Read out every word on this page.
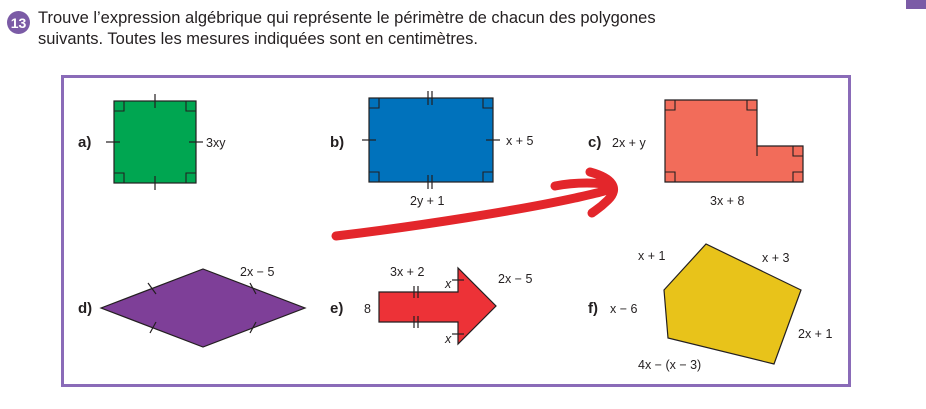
13 Trouve l’expression algébrique qui représente le périmètre de chacun des polygones
suivants. Toutes les mesures indiquées sont en centimètres.
a)	3xy	b)	x + 5
2y + 1
c) 2x + y
3x + 8
d)
2x − 5
e) 8
3x + 2
x	2x − 5
x
f) x − 6
x + 1	x + 3
2x + 1
4x − (x − 3)
